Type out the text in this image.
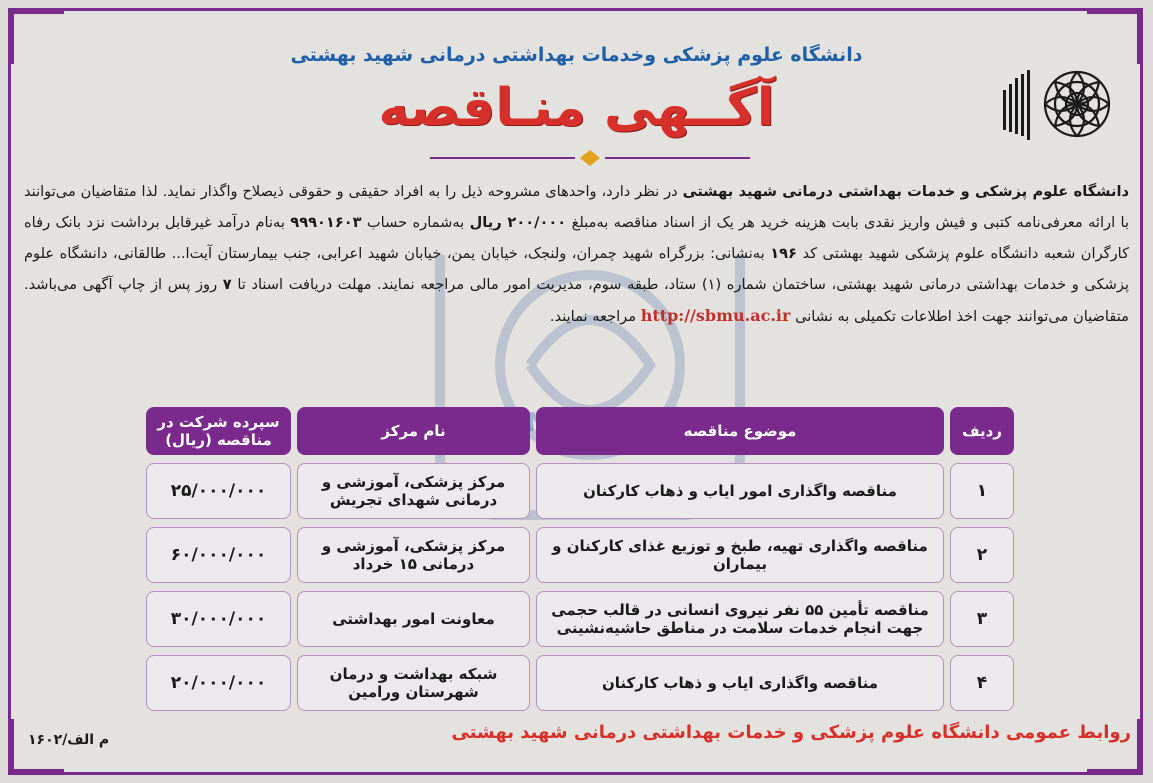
دانشگاه علوم پزشکی وخدمات بهداشتی درمانی شهید بهشتی
آگــهی منـاقصه
دانشگاه علوم پزشکی و خدمات بهداشتی درمانی شهید بهشتی در نظر دارد، واحدهای مشروحه ذیل را به افراد حقیقی و حقوقی ذیصلاح واگذار نماید. لذا متقاضیان می‌توانند با ارائه معرفی‌نامه کتبی و فیش واریز نقدی بابت هزینه خرید هر یک از اسناد مناقصه به‌مبلغ ۲۰۰/۰۰۰ ریال به‌شماره حساب ۹۹۹۰۱۶۰۳ به‌نام درآمد غیرقابل برداشت نزد بانک رفاه کارگران شعبه دانشگاه علوم پزشکی شهید بهشتی کد ۱۹۶ به‌نشانی: بزرگراه شهید چمران، ولنجک، خیابان یمن، خیابان شهید اعرابی، جنب بیمارستان آیت‌ا... طالقانی، دانشگاه علوم پزشکی و خدمات بهداشتی درمانی شهید بهشتی، ساختمان شماره (۱) ستاد، طبقه سوم، مدیریت امور مالی مراجعه نمایند. مهلت دریافت اسناد تا ۷ روز پس از چاپ آگهی می‌باشد. متقاضیان می‌توانند جهت اخذ اطلاعات تکمیلی به نشانی http://sbmu.ac.ir مراجعه نمایند.
ردیف	موضوع مناقصه	نام مرکز	سپرده شرکت در مناقصه (ریال)
۱	مناقصه واگذاری امور ایاب و ذهاب کارکنان	مرکز پزشکی، آموزشی و درمانی شهدای تجریش	۲۵/۰۰۰/۰۰۰
۲	مناقصه واگذاری تهیه، طبخ و توزیع غذای کارکنان و بیماران	مرکز پزشکی، آموزشی و درمانی ۱۵ خرداد	۶۰/۰۰۰/۰۰۰
۳	مناقصه تأمین ۵۵ نفر نیروی انسانی در قالب حجمی جهت انجام خدمات سلامت در مناطق حاشیه‌نشینی	معاونت امور بهداشتی	۳۰/۰۰۰/۰۰۰
۴	مناقصه واگذاری ایاب و ذهاب کارکنان	شبکه بهداشت و درمان شهرستان ورامین	۲۰/۰۰۰/۰۰۰
روابط عمومی دانشگاه علوم پزشکی و خدمات بهداشتی درمانی شهید بهشتی
م الف/۱۶۰۲
